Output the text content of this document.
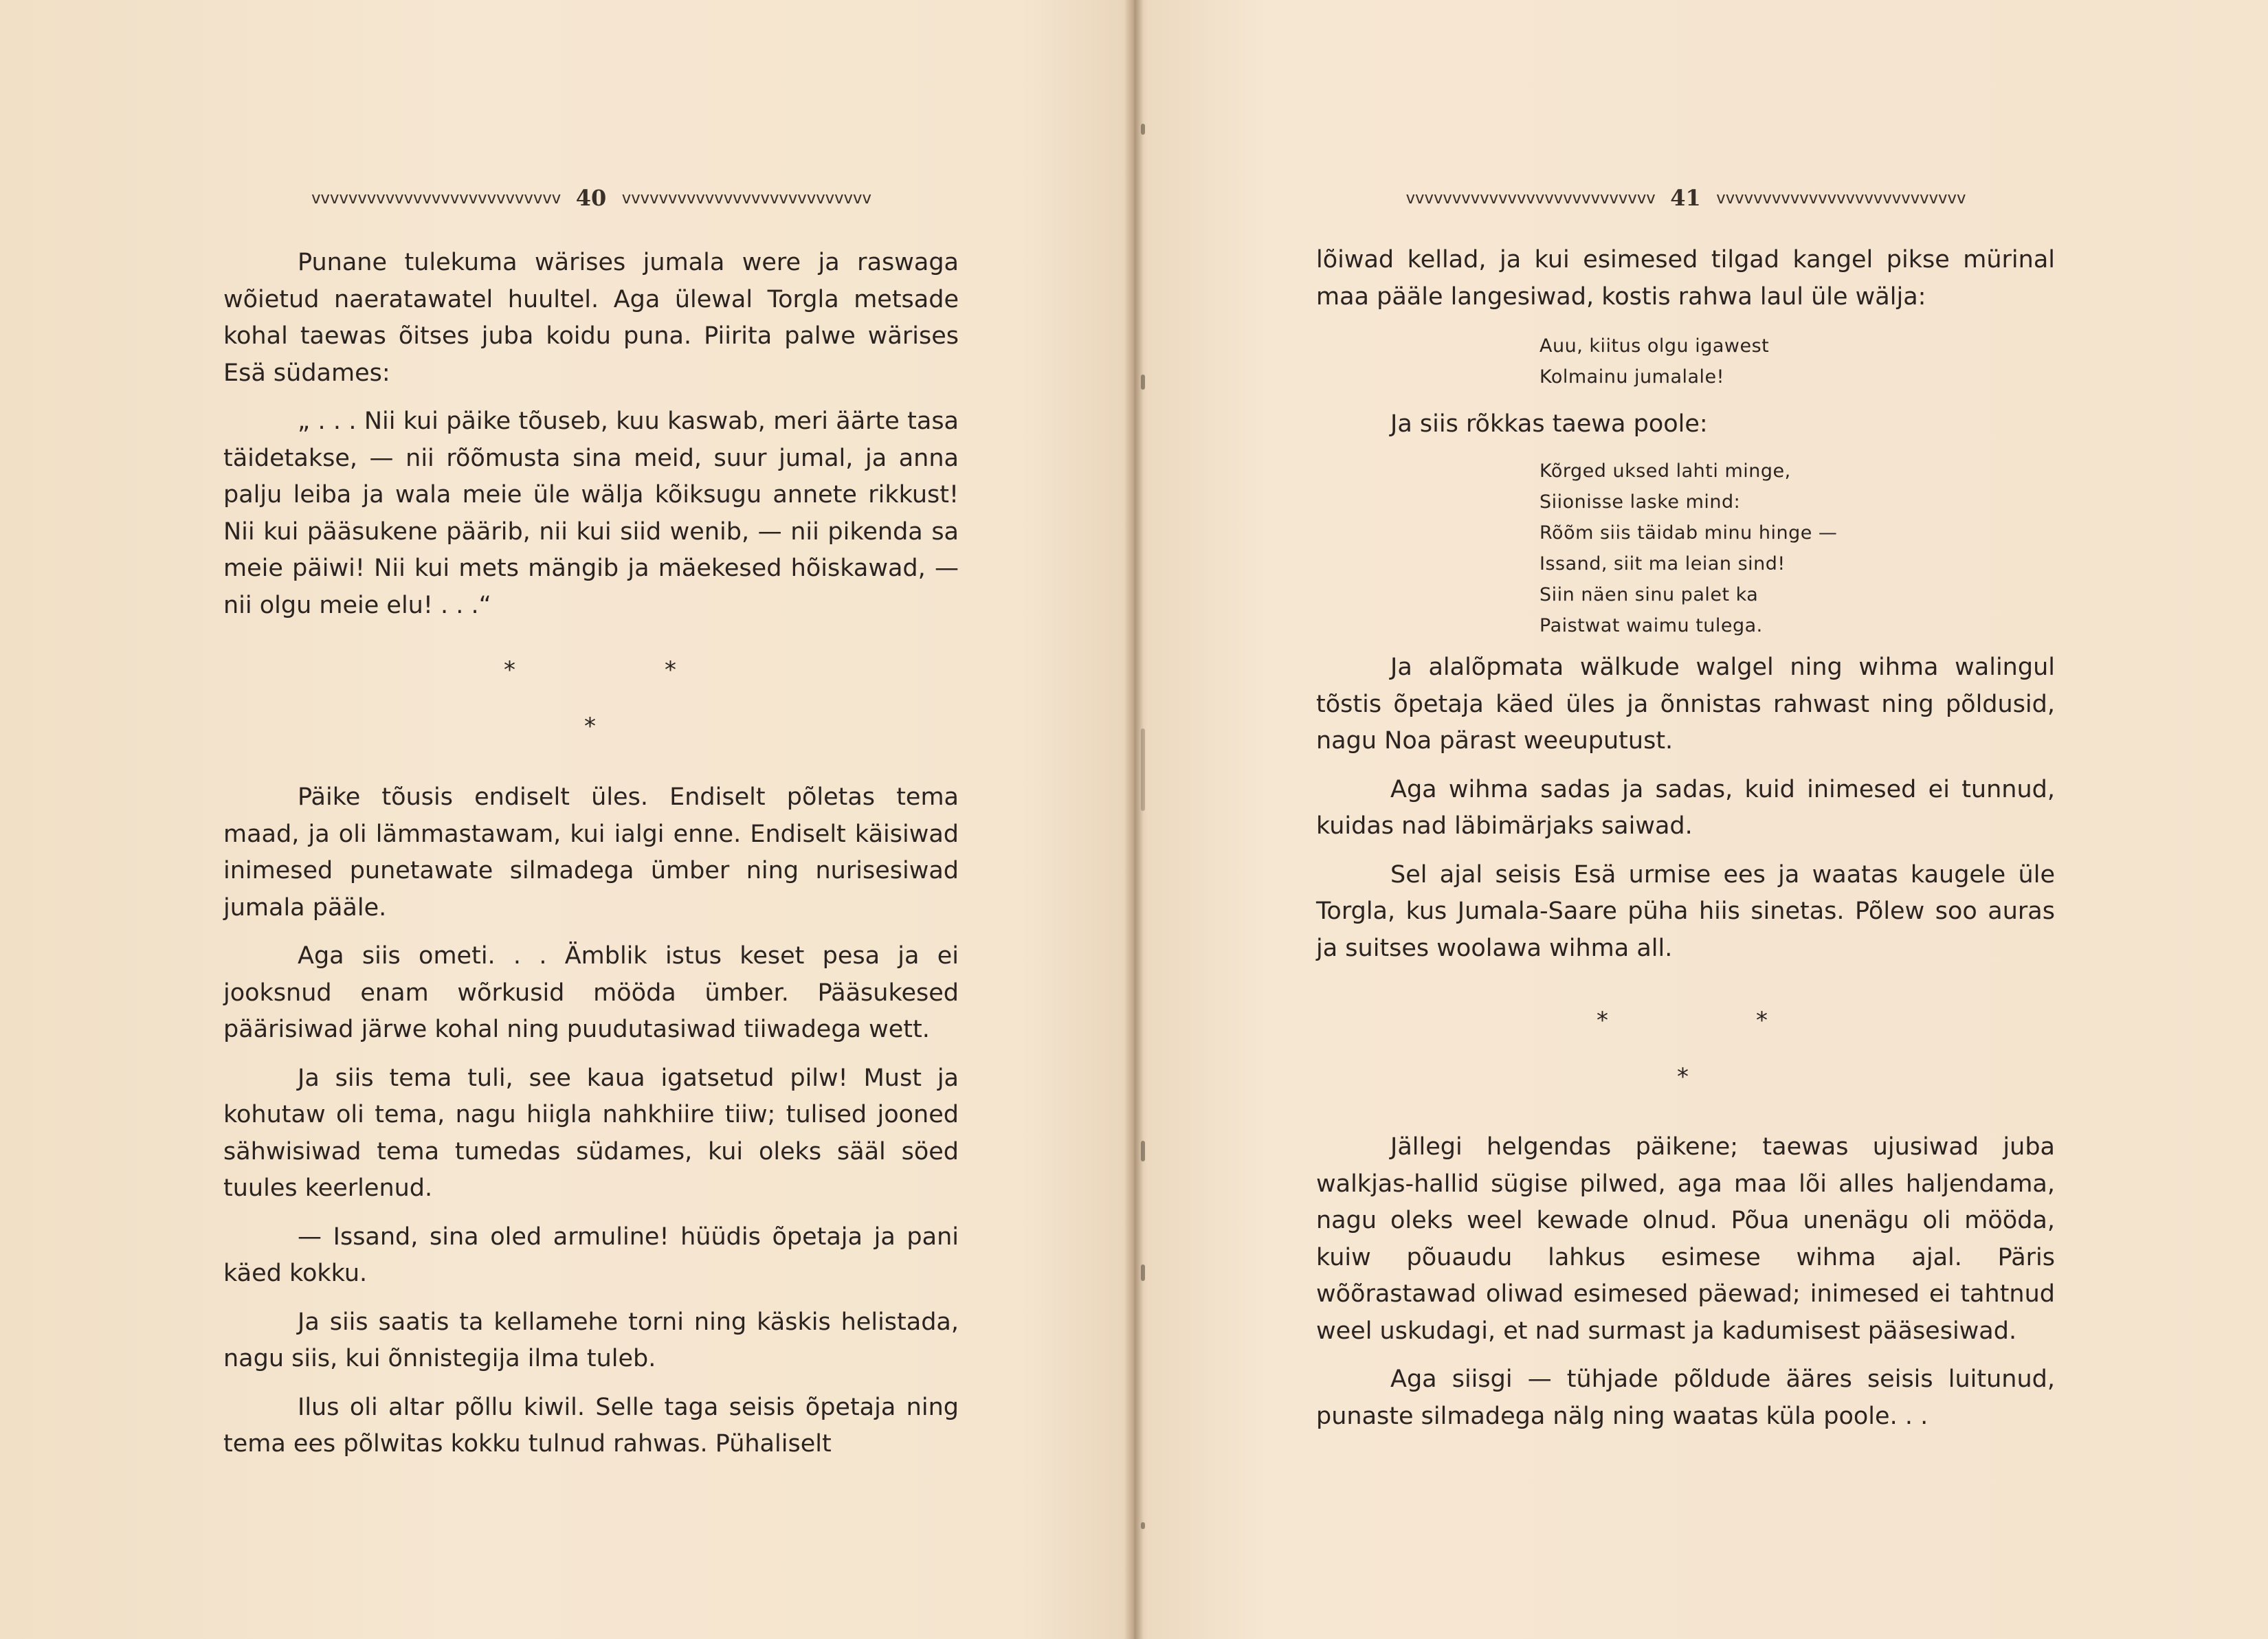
vvvvvvvvvvvvvvvvvvvvvvvvvvv 40 vvvvvvvvvvvvvvvvvvvvvvvvvvv

Punane tulekuma wärises jumala were ja raswaga wõietud naeratawatel huultel. Aga ülewal Torgla metsade kohal taewas õitses juba koidu puna. Piirita palwe wärises Esä südames:

„ . . . Nii kui päike tõuseb, kuu kaswab, meri äärte tasa täidetakse, — nii rõõmusta sina meid, suur jumal, ja anna palju leiba ja wala meie üle wälja kõiksugu annete rikkust! Nii kui pääsukene päärib, nii kui siid wenib, — nii pikenda sa meie päiwi! Nii kui mets mängib ja mäekesed hõiskawad, — nii olgu meie elu! . . .“

*	*
*

Päike tõusis endiselt üles. Endiselt põletas tema maad, ja oli lämmastawam, kui ialgi enne. Endiselt käisiwad inimesed punetawate silmadega ümber ning nurisesiwad jumala pääle.

Aga siis ometi. . . Ämblik istus keset pesa ja ei jooksnud enam wõrkusid mööda ümber. Pääsukesed päärisiwad järwe kohal ning puudutasiwad tiiwadega wett.

Ja siis tema tuli, see kaua igatsetud pilw! Must ja kohutaw oli tema, nagu hiigla nahkhiire tiiw; tulised jooned sähwisiwad tema tumedas südames, kui oleks sääl söed tuules keerlenud.

— Issand, sina oled armuline! hüüdis õpetaja ja pani käed kokku.

Ja siis saatis ta kellamehe torni ning käskis helistada, nagu siis, kui õnnistegija ilma tuleb.

Ilus oli altar põllu kiwil. Selle taga seisis õpetaja ning tema ees põlwitas kokku tulnud rahwas. Pühaliselt

vvvvvvvvvvvvvvvvvvvvvvvvvvv 41 vvvvvvvvvvvvvvvvvvvvvvvvvvv

lõiwad kellad, ja kui esimesed tilgad kangel pikse mürinal maa pääle langesiwad, kostis rahwa laul üle wälja:

Auu, kiitus olgu igawest
Kolmainu jumalale!

Ja siis rõkkas taewa poole:

Kõrged uksed lahti minge,
Siionisse laske mind:
Rõõm siis täidab minu hinge —
Issand, siit ma leian sind!
Siin näen sinu palet ka
Paistwat waimu tulega.

Ja alalõpmata wälkude walgel ning wihma walingul tõstis õpetaja käed üles ja õnnistas rahwast ning põldusid, nagu Noa pärast weeuputust.

Aga wihma sadas ja sadas, kuid inimesed ei tunnud, kuidas nad läbimärjaks saiwad.

Sel ajal seisis Esä urmise ees ja waatas kaugele üle Torgla, kus Jumala-Saare püha hiis sinetas. Põlew soo auras ja suitses woolawa wihma all.

*	*
*

Jällegi helgendas päikene; taewas ujusiwad juba walkjas-hallid sügise pilwed, aga maa lõi alles haljendama, nagu oleks weel kewade olnud. Põua unenägu oli mööda, kuiw põuaudu lahkus esimese wihma ajal. Päris wõõrastawad oliwad esimesed päewad; inimesed ei tahtnud weel uskudagi, et nad surmast ja kadumisest pääsesiwad.

Aga siisgi — tühjade põldude ääres seisis luitunud, punaste silmadega nälg ning waatas küla poole. . .
